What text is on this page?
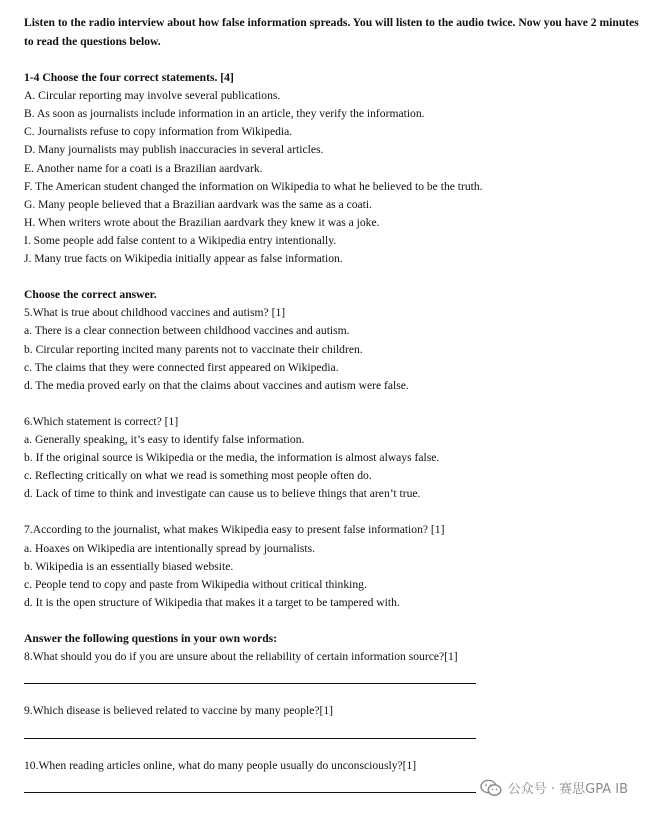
Listen to the radio interview about how false information spreads. You will listen to the audio twice. Now you have 2 minutes to read the questions below.
1-4 Choose the four correct statements. [4]
A. Circular reporting may involve several publications.
B. As soon as journalists include information in an article, they verify the information.
C. Journalists refuse to copy information from Wikipedia.
D. Many journalists may publish inaccuracies in several articles.
E. Another name for a coati is a Brazilian aardvark.
F. The American student changed the information on Wikipedia to what he believed to be the truth.
G. Many people believed that a Brazilian aardvark was the same as a coati.
H. When writers wrote about the Brazilian aardvark they knew it was a joke.
I. Some people add false content to a Wikipedia entry intentionally.
J. Many true facts on Wikipedia initially appear as false information.
Choose the correct answer.
5.What is true about childhood vaccines and autism? [1]
a. There is a clear connection between childhood vaccines and autism.
b. Circular reporting incited many parents not to vaccinate their children.
c. The claims that they were connected first appeared on Wikipedia.
d. The media proved early on that the claims about vaccines and autism were false.
6.Which statement is correct? [1]
a. Generally speaking, it’s easy to identify false information.
b. If the original source is Wikipedia or the media, the information is almost always false.
c. Reflecting critically on what we read is something most people often do.
d. Lack of time to think and investigate can cause us to believe things that aren’t true.
7.According to the journalist, what makes Wikipedia easy to present false information? [1]
a. Hoaxes on Wikipedia are intentionally spread by journalists.
b. Wikipedia is an essentially biased website.
c. People tend to copy and paste from Wikipedia without critical thinking.
d. It is the open structure of Wikipedia that makes it a target to be tampered with.
Answer the following questions in your own words:
8.What should you do if you are unsure about the reliability of certain information source?[1]
9.Which disease is believed related to vaccine by many people?[1]
10.When reading articles online, what do many people usually do unconsciously?[1]
公众号 · 赛思GPA IB
